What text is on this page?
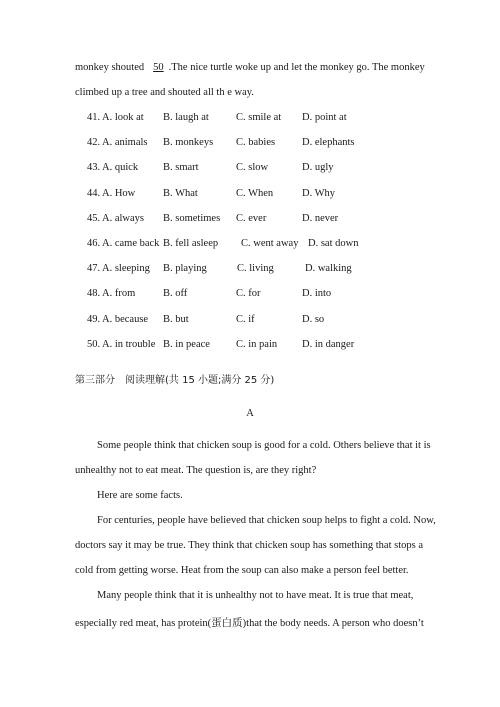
monkey shouted 50 .The nice turtle woke up and let the monkey go. The monkey
climbed up a tree and shouted all th e way.
41. A. look at B. laugh at	C. smile at D. point at
42. A. animals B. monkeys C. babies	D. elephants
43. A. quick B. smart	C. slow	D. ugly
44. A. How	B. What	C. When	D. Why
45. A. always B. sometimes C. ever	D. never
46. A. came back B. fell asleep C. went away D. sat down
47. A. sleeping B. playing	C. living	D. walking
48. A. from	B. off	C. for	D. into
49. A. because B. but	C. if	D. so
50. A. in trouble B. in peace C. in pain D. in danger
第三部分　阅读理解(共 15 小题;满分 25 分)
A
Some people think that chicken soup is good for a cold. Others believe that it is
unhealthy not to eat meat. The question is, are they right?
Here are some facts.
For centuries, people have believed that chicken soup helps to fight a cold. Now,
doctors say it may be true. They think that chicken soup has something that stops a
cold from getting worse. Heat from the soup can also make a person feel better.
Many people think that it is unhealthy not to have meat. It is true that meat,
especially red meat, has protein(蛋白质)that the body needs. A person who doesn’t
